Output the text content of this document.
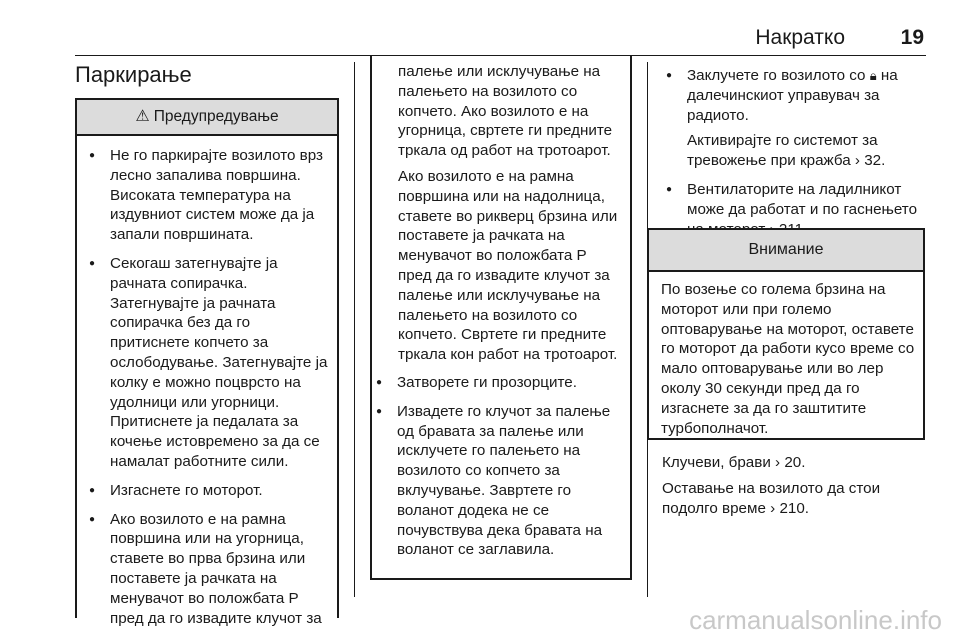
Накратко	19
Паркирање
⚠ Предупредување
● Не го паркирајте возилото врз лесно запалива површина. Високата температура на издувниот систем може да ја запали површината.
● Секогаш затегнувајте ја рачната сопирачка. Затегнувајте ја рачната сопирачка без да го притиснете копчето за ослободување. Затегнувајте ја колку е можно поцврсто на удолници или угорници. Притиснете ја педалата за кочење истовремено за да се намалат работните сили.
● Изгаснете го моторот.
● Ако возилото е на рамна површина или на угорница, ставете во прва брзина или поставете ја рачката на менувачот во положбата P пред да го извадите клучот за

палење или исклучување на палењето на возилото со копчето. Ако возилото е на угорница, свртете ги предните тркала од работ на тротоарот.

Ако возилото е на рамна површина или на надолница, ставете во рикверц брзина или поставете ја рачката на менувачот во положбата P пред да го извадите клучот за палење или исклучување на палењето на возилото со копчето. Свртете ги предните тркала кон работ на тротоарот.

● Затворете ги прозорците.
● Извадете го клучот за палење од бравата за палење или исклучете го палењето на возилото со копчето за вклучување. Завртете го воланот додека не се почувствува дека бравата на воланот се заглавила.

● Заклучете го возилото со 🔒︎ на далечинскиот управувач за радиото.

Активирајте го системот за тревожење при кражба › 32.

● Вентилаторите на ладилникот може да работат и по гаснењето

Внимание
По возење со голема брзина на моторот или при големо оптоварување на моторот, оставете го моторот да работи кусо време со мало оптоварување или во лер околу 30 секунди пред да го изгаснете за да го заштитите турбополначот.

Клучеви, брави › 20.

Оставање на возилото да стои подолго време › 210.

carmanualsonline.info
